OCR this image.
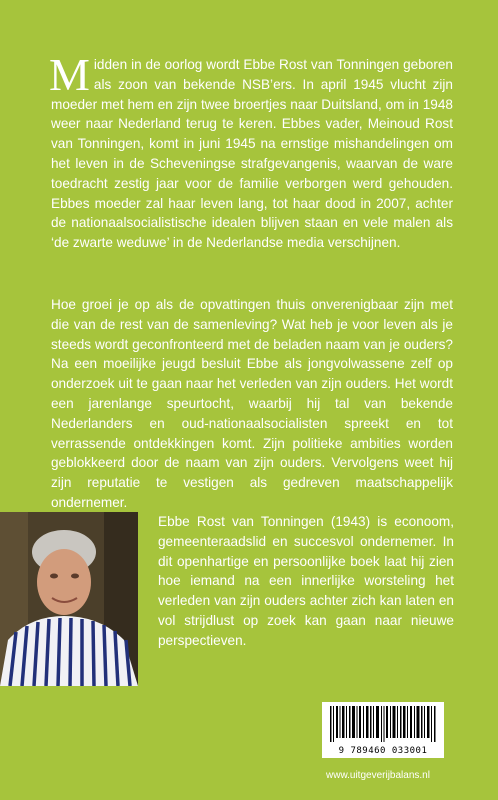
Midden in de oorlog wordt Ebbe Rost van Tonningen geboren als zoon van bekende NSB’ers. In april 1945 vlucht zijn moeder met hem en zijn twee broertjes naar Duitsland, om in 1948 weer naar Nederland terug te keren. Ebbes vader, Meinoud Rost van Tonningen, komt in juni 1945 na ernstige mishandelingen om het leven in de Scheveningse strafgevangenis, waarvan de ware toedracht zestig jaar voor de familie verborgen werd gehouden. Ebbes moeder zal haar leven lang, tot haar dood in 2007, achter de nationaalsocialistische idealen blijven staan en vele malen als ‘de zwarte weduwe’ in de Nederlandse media verschijnen.

Hoe groei je op als de opvattingen thuis onverenigbaar zijn met die van de rest van de samenleving? Wat heb je voor leven als je steeds wordt geconfronteerd met de beladen naam van je ouders? Na een moeilijke jeugd besluit Ebbe als jongvolwassene zelf op onderzoek uit te gaan naar het verleden van zijn ouders. Het wordt een jarenlange speurtocht, waarbij hij tal van bekende Nederlanders en oud-nationaalsocialisten spreekt en tot verrassende ontdekkingen komt. Zijn politieke ambities worden geblokkeerd door de naam van zijn ouders. Vervolgens weet hij zijn reputatie te vestigen als gedreven maatschappelijk ondernemer.

Ebbe Rost van Tonningen (1943) is econoom, gemeenteraadslid en succesvol ondernemer. In dit openhartige en persoonlijke boek laat hij zien hoe iemand na een innerlijke worsteling het verleden van zijn ouders achter zich kan laten en vol strijdlust op zoek kan gaan naar nieuwe perspectieven.

9 789460 033001
www.uitgeverijbalans.nl
